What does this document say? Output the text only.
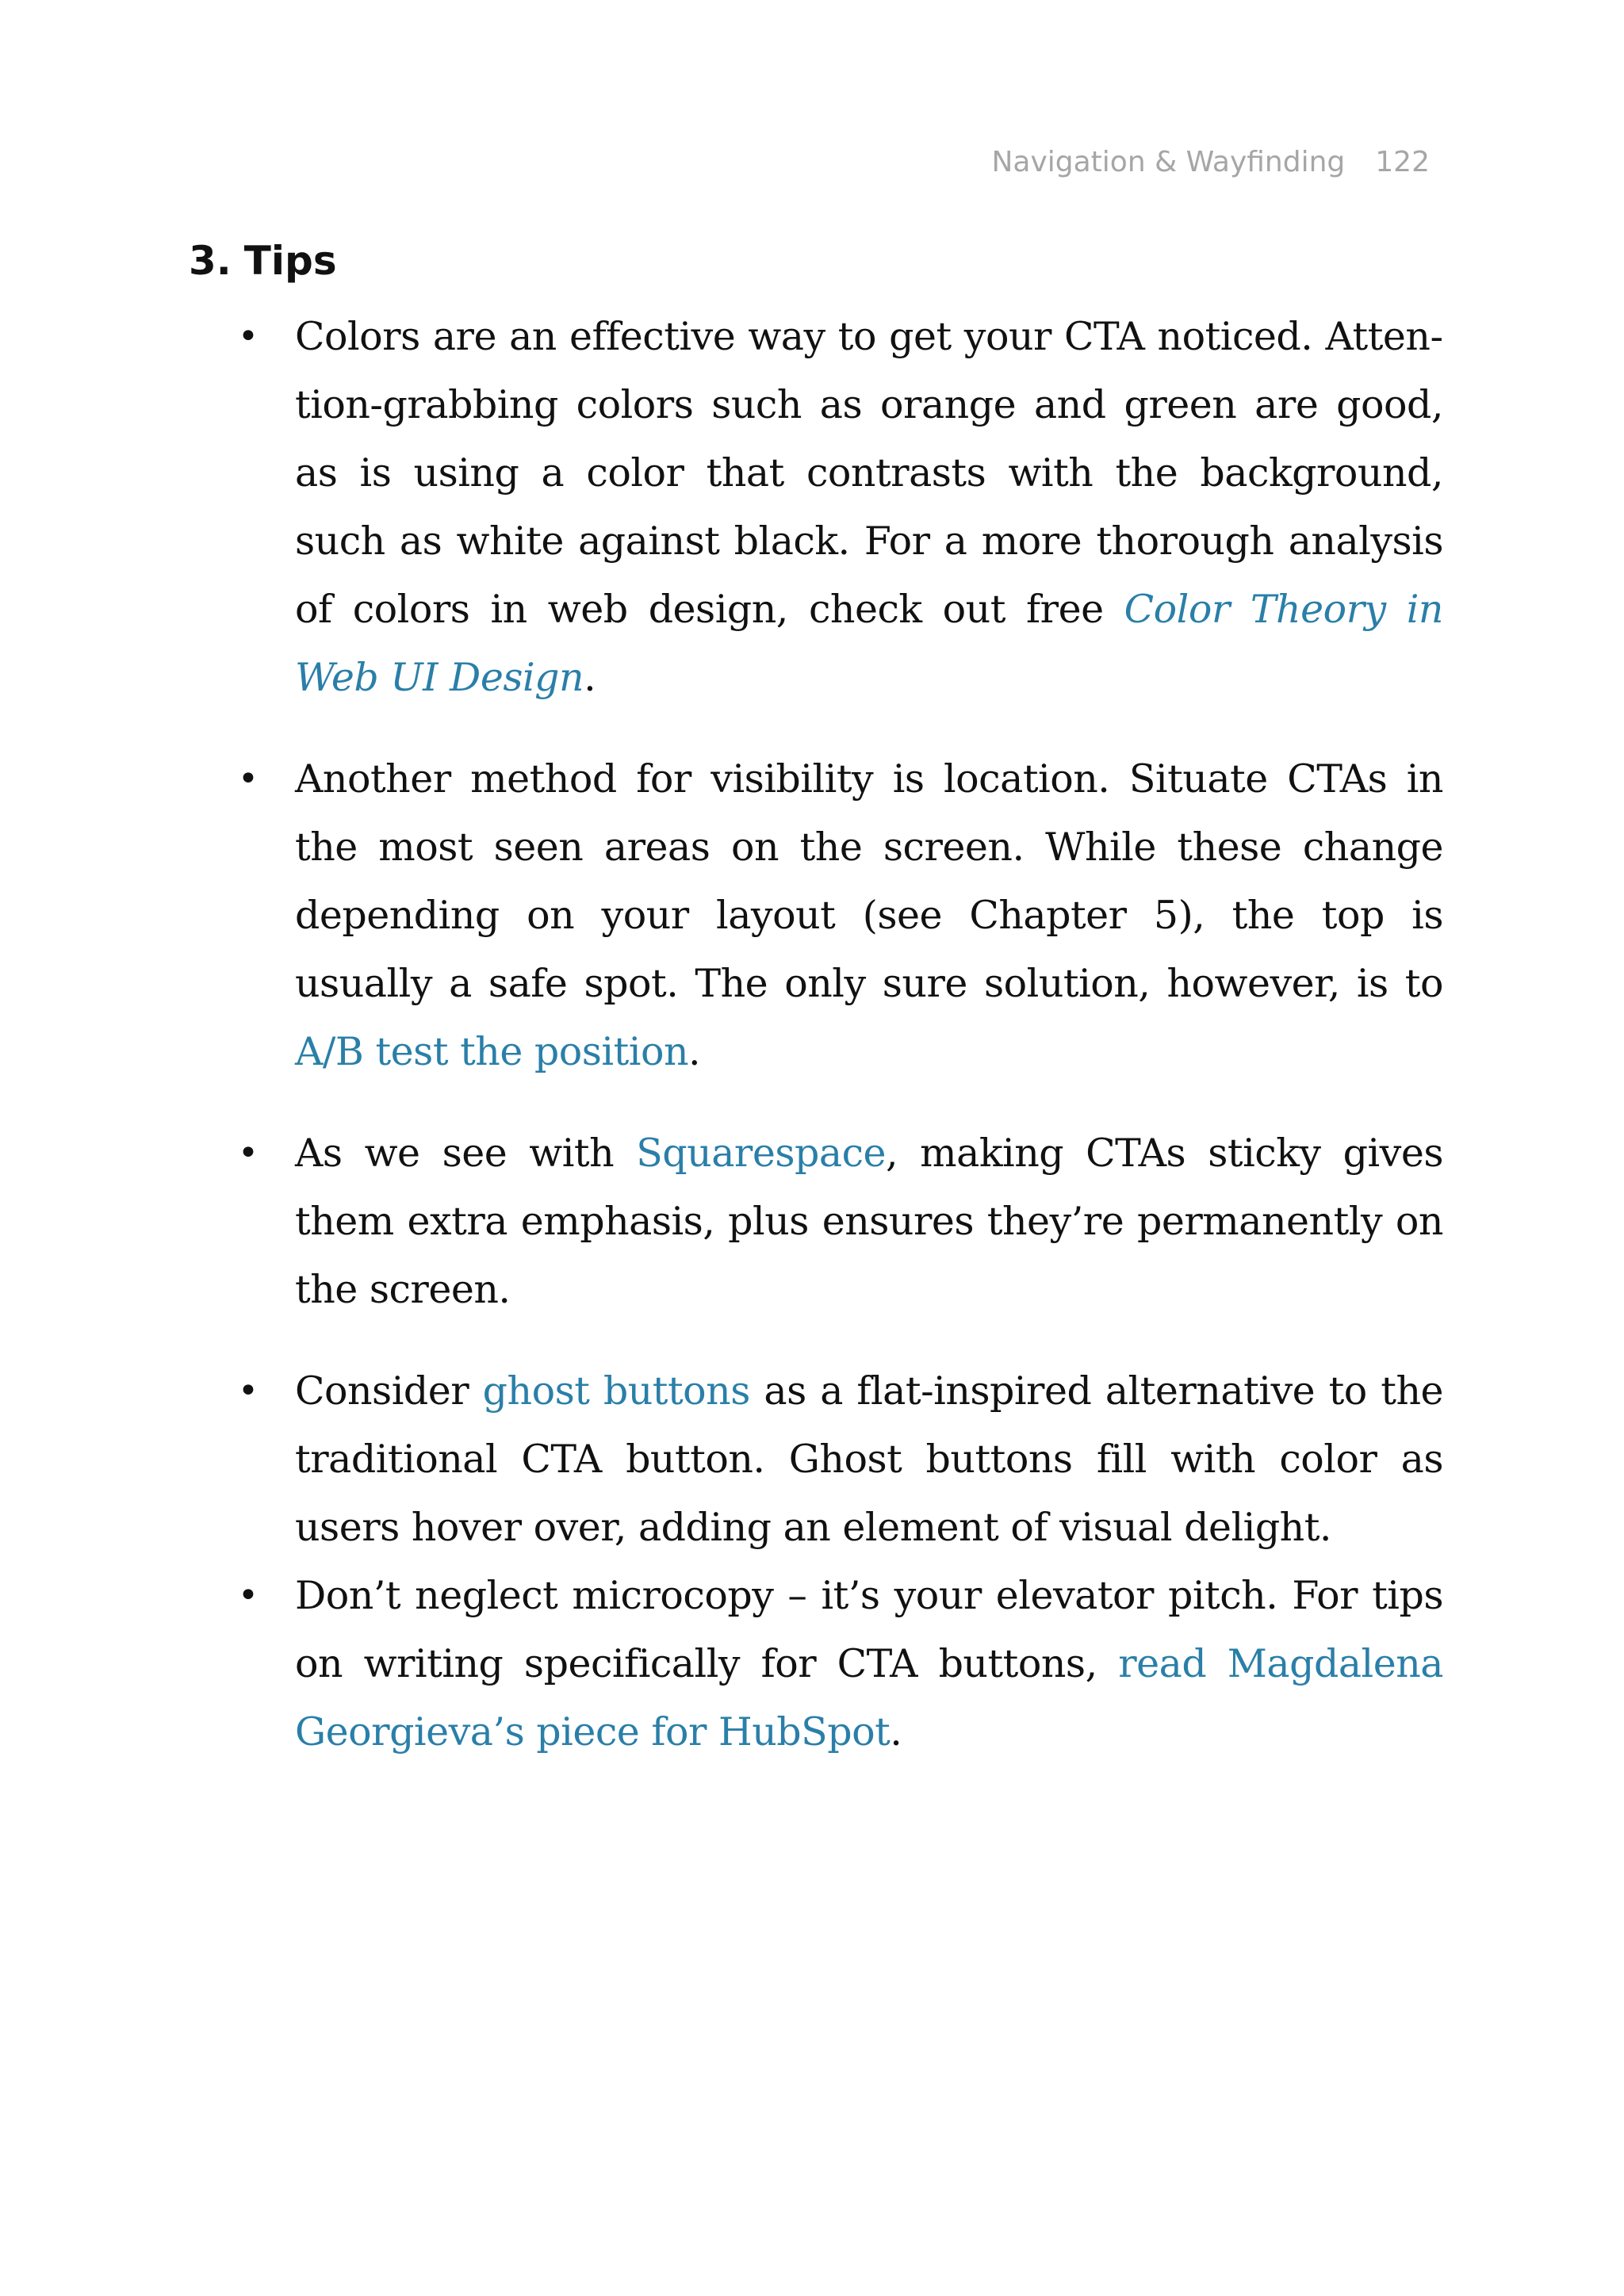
Navigation & Wayfinding 122
3. Tips
• Colors are an effective way to get your CTA noticed. Attention-grabbing colors such as orange and green are good, as is using a color that contrasts with the background, such as white against black. For a more thorough analysis of colors in web design, check out free Color Theory in Web UI Design.
• Another method for visibility is location. Situate CTAs in the most seen areas on the screen. While these change depending on your layout (see Chapter 5), the top is usually a safe spot. The only sure solution, however, is to A/B test the position.
• As we see with Squarespace, making CTAs sticky gives them extra emphasis, plus ensures they’re permanently on the screen.
• Consider ghost buttons as a flat-inspired alternative to the traditional CTA button. Ghost buttons fill with color as users hover over, adding an element of visual delight.
• Don’t neglect microcopy – it’s your elevator pitch. For tips on writing specifically for CTA buttons, read Magdalena Georgieva’s piece for HubSpot.
